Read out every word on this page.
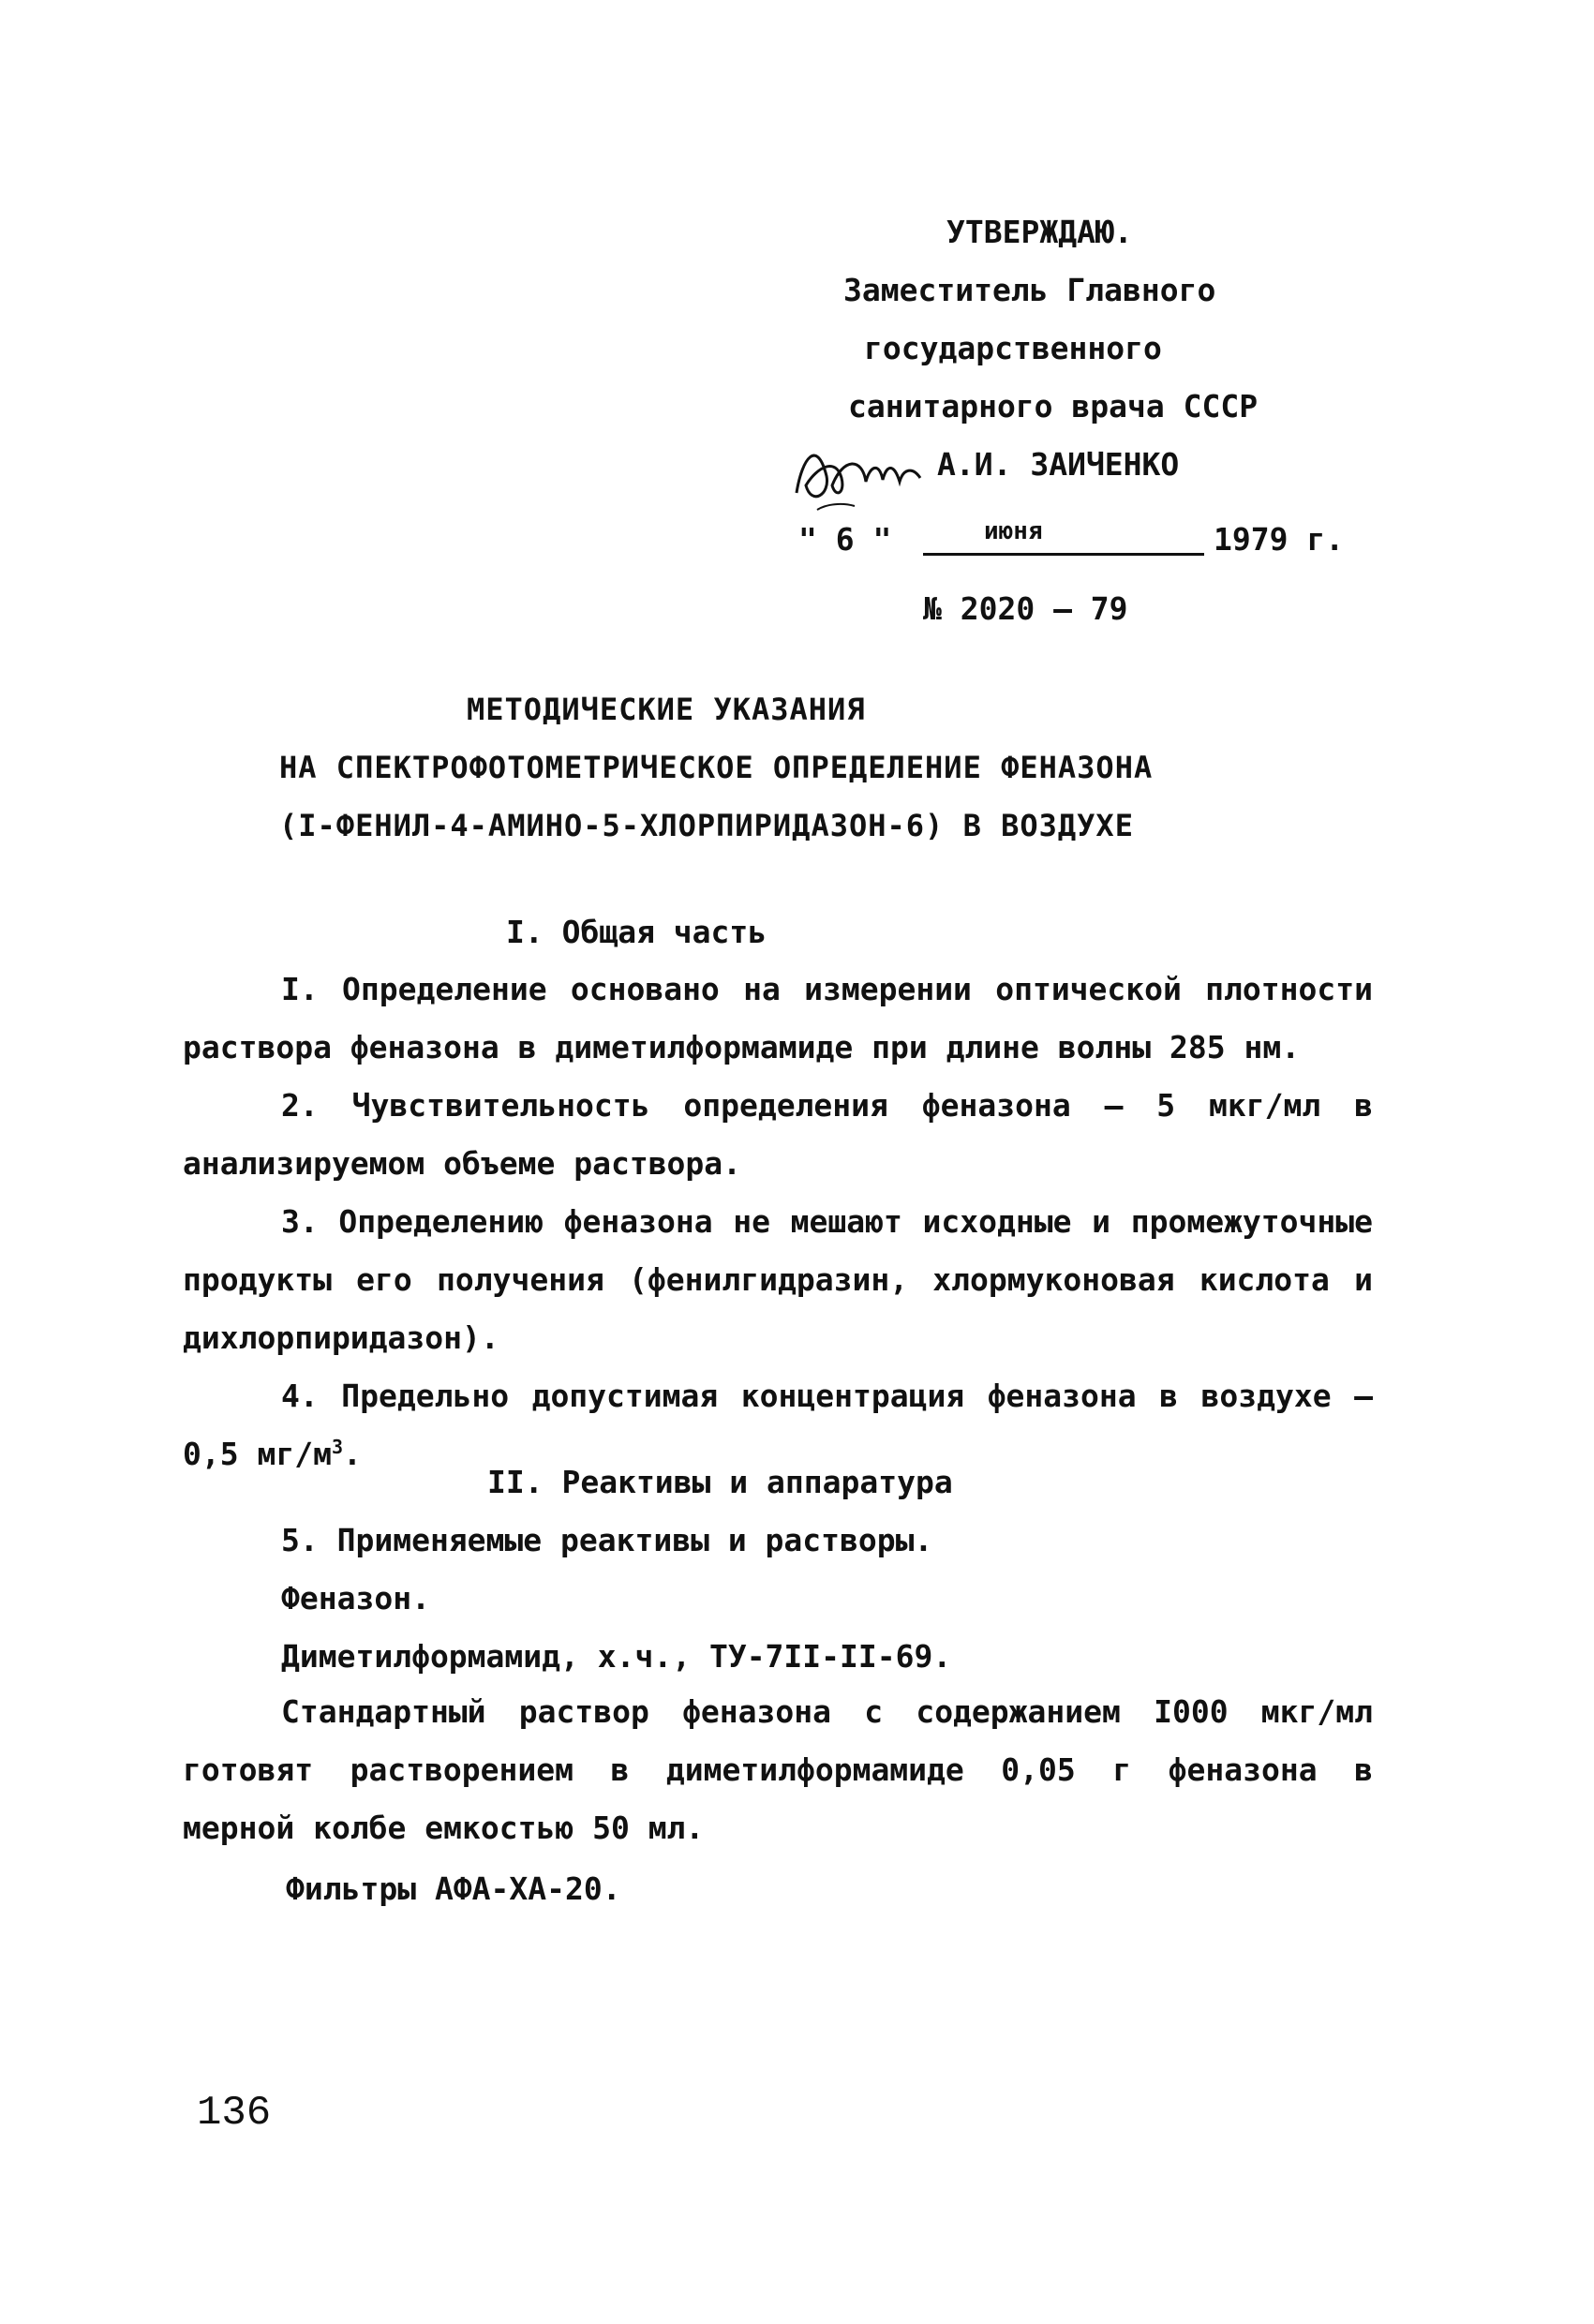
УТВЕРЖДАЮ.
Заместитель Главного
государственного
санитарного врача СССР
А.И. ЗАИЧЕНКО
" 6 "	июня	1979 г.
№ 2020 – 79
МЕТОДИЧЕСКИЕ УКАЗАНИЯ
НА СПЕКТРОФОТОМЕТРИЧЕСКОЕ ОПРЕДЕЛЕНИЕ ФЕНАЗОНА
(I-ФЕНИЛ-4-АМИНО-5-ХЛОРПИРИДАЗОН-6) В ВОЗДУХЕ
I. Общая часть
I. Определение основано на измерении оптической плотности раствора феназона в диметилформамиде при длине волны 285 нм.
2. Чувствительность определения феназона – 5 мкг/мл в анализируемом объеме раствора.
3. Определению феназона не мешают исходные и промежуточные продукты его получения (фенилгидразин, хлормуконовая кислота и дихлорпиридазон).
4. Предельно допустимая концентрация феназона в воздухе – 0,5 $мг/м^3$.
II. Реактивы и аппаратура
5. Применяемые реактивы и растворы.
Феназон.
Диметилформамид, х.ч., ТУ-7II-II-69.
Стандартный раствор феназона с содержанием I000 мкг/мл готовят растворением в диметилформамиде 0,05 г феназона в мерной колбе емкостью 50 мл.
Фильтры АФА-ХА-20.
136
